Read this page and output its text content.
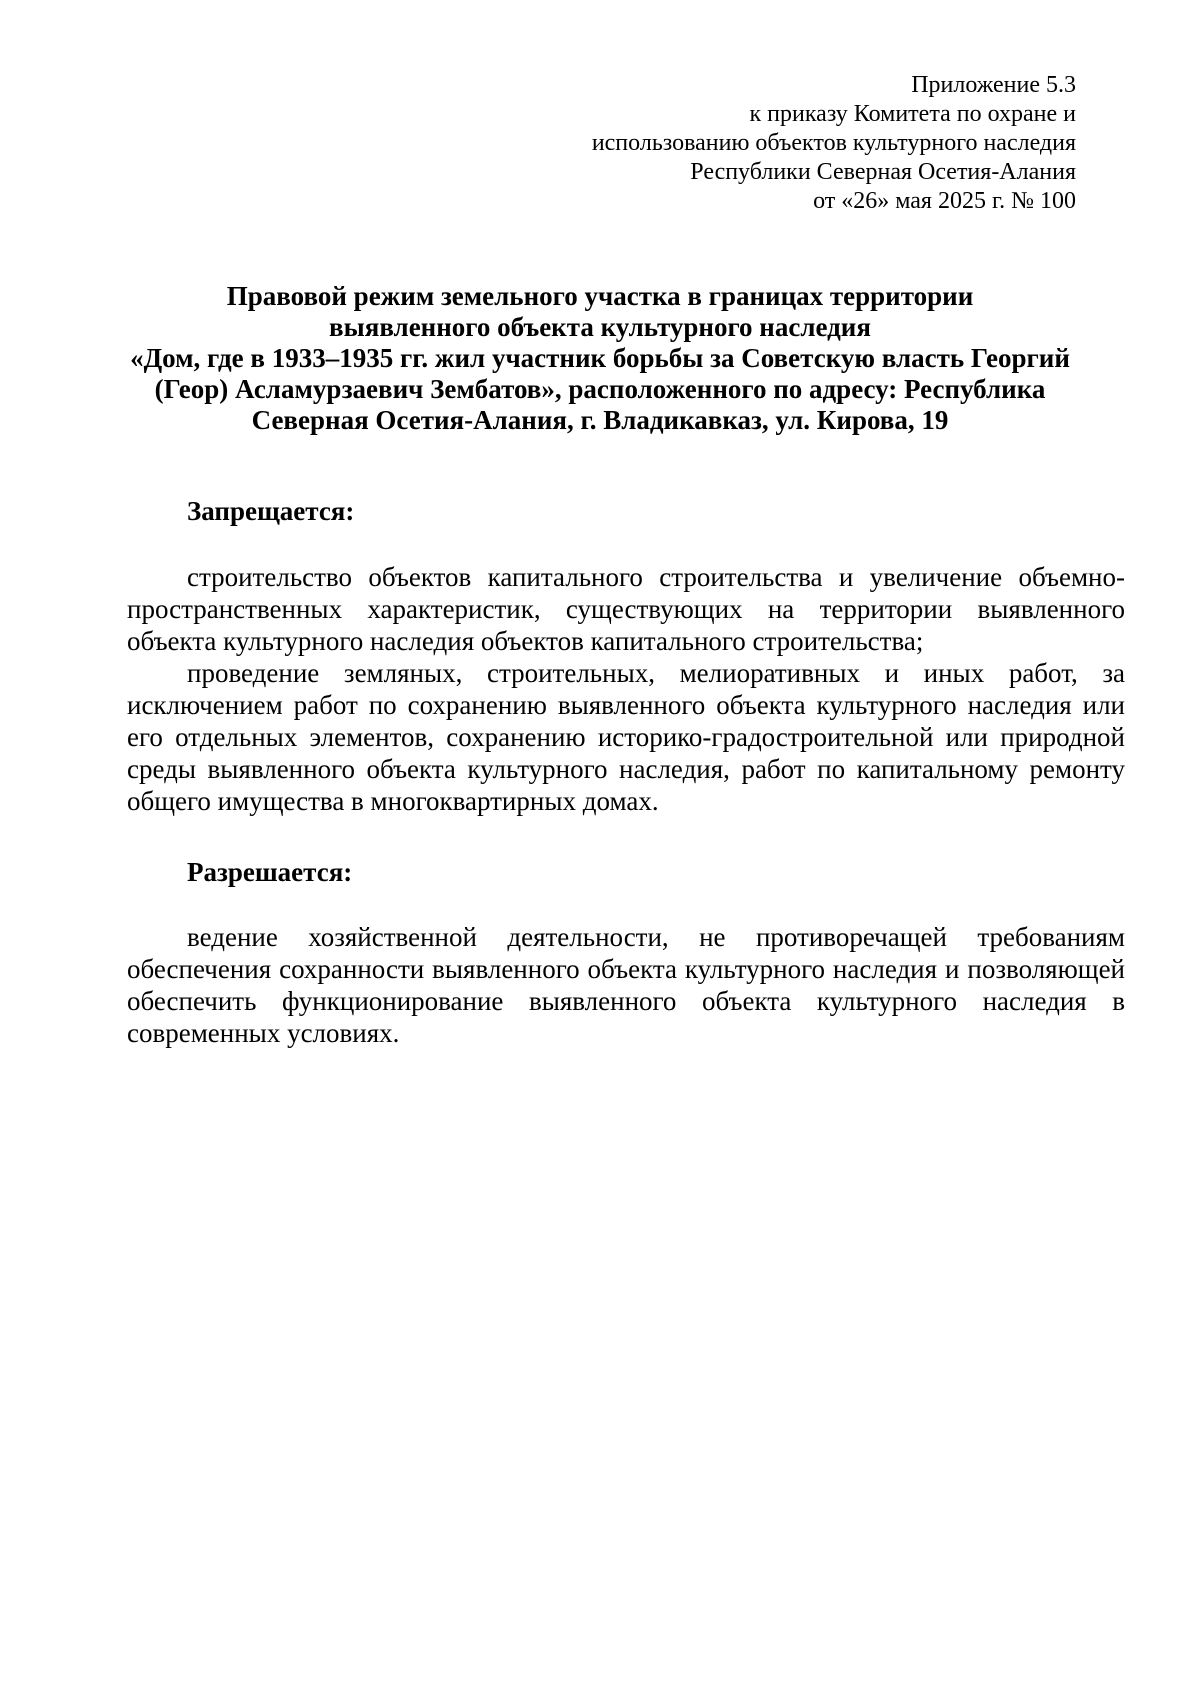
Приложение 5.3
к приказу Комитета по охране и
использованию объектов культурного наследия
Республики Северная Осетия-Алания
от «26» мая 2025 г. № 100
Правовой режим земельного участка в границах территории
выявленного объекта культурного наследия
«Дом, где в 1933–1935 гг. жил участник борьбы за Советскую власть Георгий
(Геор) Асламурзаевич Зембатов», расположенного по адресу: Республика
Северная Осетия-Алания, г. Владикавказ, ул. Кирова, 19
Запрещается:

строительство объектов капитального строительства и увеличение объемно-пространственных характеристик, существующих на территории выявленного объекта культурного наследия объектов капитального строительства;

проведение земляных, строительных, мелиоративных и иных работ, за исключением работ по сохранению выявленного объекта культурного наследия или его отдельных элементов, сохранению историко-градостроительной или природной среды выявленного объекта культурного наследия, работ по капитальному ремонту общего имущества в многоквартирных домах.

Разрешается:

ведение хозяйственной деятельности, не противоречащей требованиям обеспечения сохранности выявленного объекта культурного наследия и позволяющей обеспечить функционирование выявленного объекта культурного наследия в современных условиях.
